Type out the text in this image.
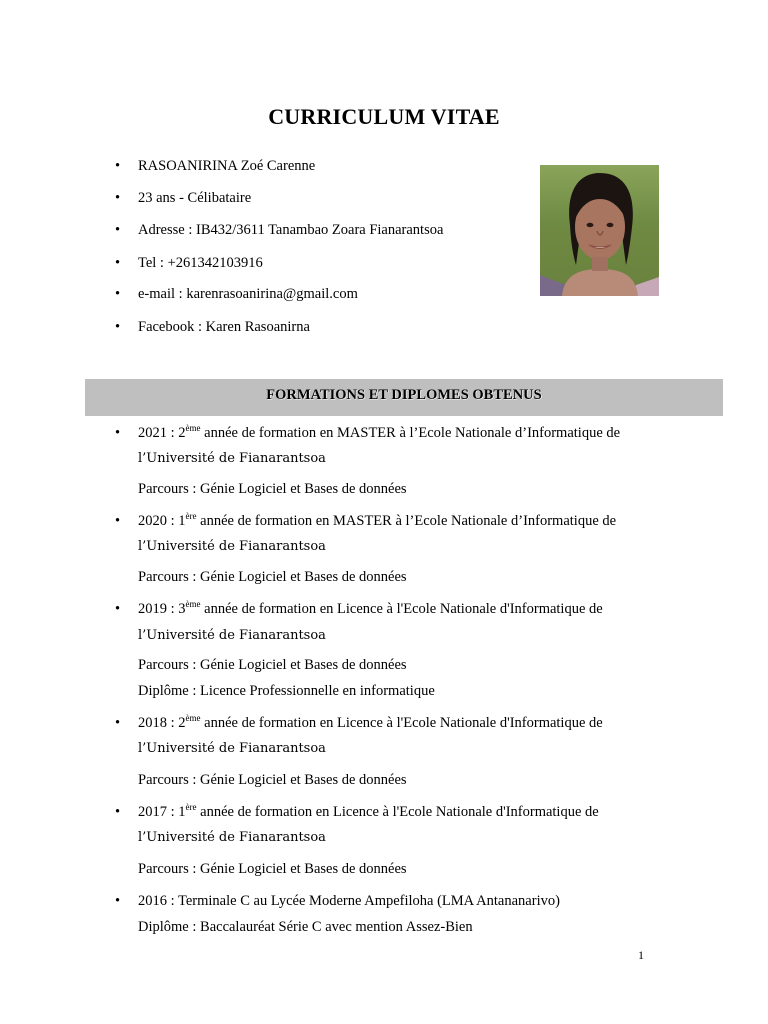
CURRICULUM VITAE
• RASOANIRINA Zoé Carenne
• 23 ans - Célibataire
• Adresse : IB432/3611 Tanambao Zoara Fianarantsoa
• Tel : +261342103916
• e-mail : karenrasoanirina@gmail.com
• Facebook : Karen Rasoanirna
FORMATIONS ET DIPLOMES OBTENUS
• 2021 : 2ème année de formation en MASTER à l’Ecole Nationale d’Informatique de
l’Université de Fianarantsoa
Parcours : Génie Logiciel et Bases de données
• 2020 : 1ère année de formation en MASTER à l’Ecole Nationale d’Informatique de
l’Université de Fianarantsoa
Parcours : Génie Logiciel et Bases de données
• 2019 : 3ème année de formation en Licence à l'Ecole Nationale d'Informatique de
l’Université de Fianarantsoa
Parcours : Génie Logiciel et Bases de données
Diplôme : Licence Professionnelle en informatique
• 2018 : 2ème année de formation en Licence à l'Ecole Nationale d'Informatique de
l’Université de Fianarantsoa
Parcours : Génie Logiciel et Bases de données
• 2017 : 1ère année de formation en Licence à l'Ecole Nationale d'Informatique de
l’Université de Fianarantsoa
Parcours : Génie Logiciel et Bases de données
• 2016 : Terminale C au Lycée Moderne Ampefiloha (LMA Antananarivo)
Diplôme : Baccalauréat Série C avec mention Assez-Bien
1
